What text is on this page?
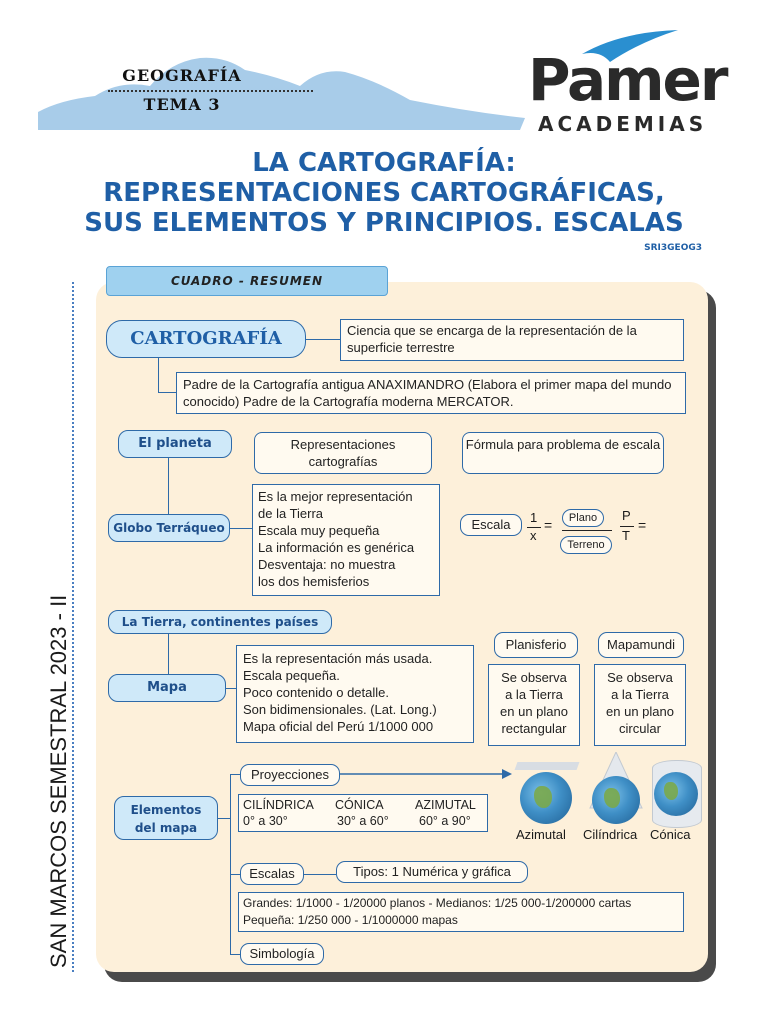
GEOGRAFÍA
TEMA 3	Pamer
ACADEMIAS
LA CARTOGRAFÍA:
REPRESENTACIONES CARTOGRÁFICAS,
SUS ELEMENTOS Y PRINCIPIOS. ESCALAS
SRI3GEOG3
SAN MARCOS SEMESTRAL 2023 - II
CUADRO - RESUMEN
CARTOGRAFÍA	Ciencia que se encarga de la representación de la superficie terrestre
Padre de la Cartografía antigua ANAXIMANDRO (Elabora el primer mapa del mundo conocido) Padre de la Cartografía moderna MERCATOR.
El planeta	Representaciones cartografías
Fórmula para problema de escala
Globo Terráqueo
Es la mejor representación
de la Tierra
Escala muy pequeña
La información es genérica
Desventaja: no muestra
los dos hemisferios
Escala	1
x
=	Plano
Terreno
P
T
=
La Tierra, continentes países
Mapa
Es la representación más usada.
Escala pequeña.
Poco contenido o detalle.
Son bidimensionales. (Lat. Long.)
Mapa oficial del Perú 1/1000 000
Planisferio
Se observa
a la Tierra
en un plano
rectangular
Mapamundi
Se observa
a la Tierra
en un plano
circular
Elementos
del mapa
Proyecciones
CILÍNDRICA CÓNICA	AZIMUTAL
0° a 30°	30° a 60° 60° a 90°
Azimutal Cilíndrica Cónica
Escalas	Tipos: 1 Numérica y gráfica
Grandes: 1/1000 - 1/20000 planos - Medianos: 1/25 000-1/200000 cartas
Pequeña: 1/250 000 - 1/1000000 mapas
Simbología
